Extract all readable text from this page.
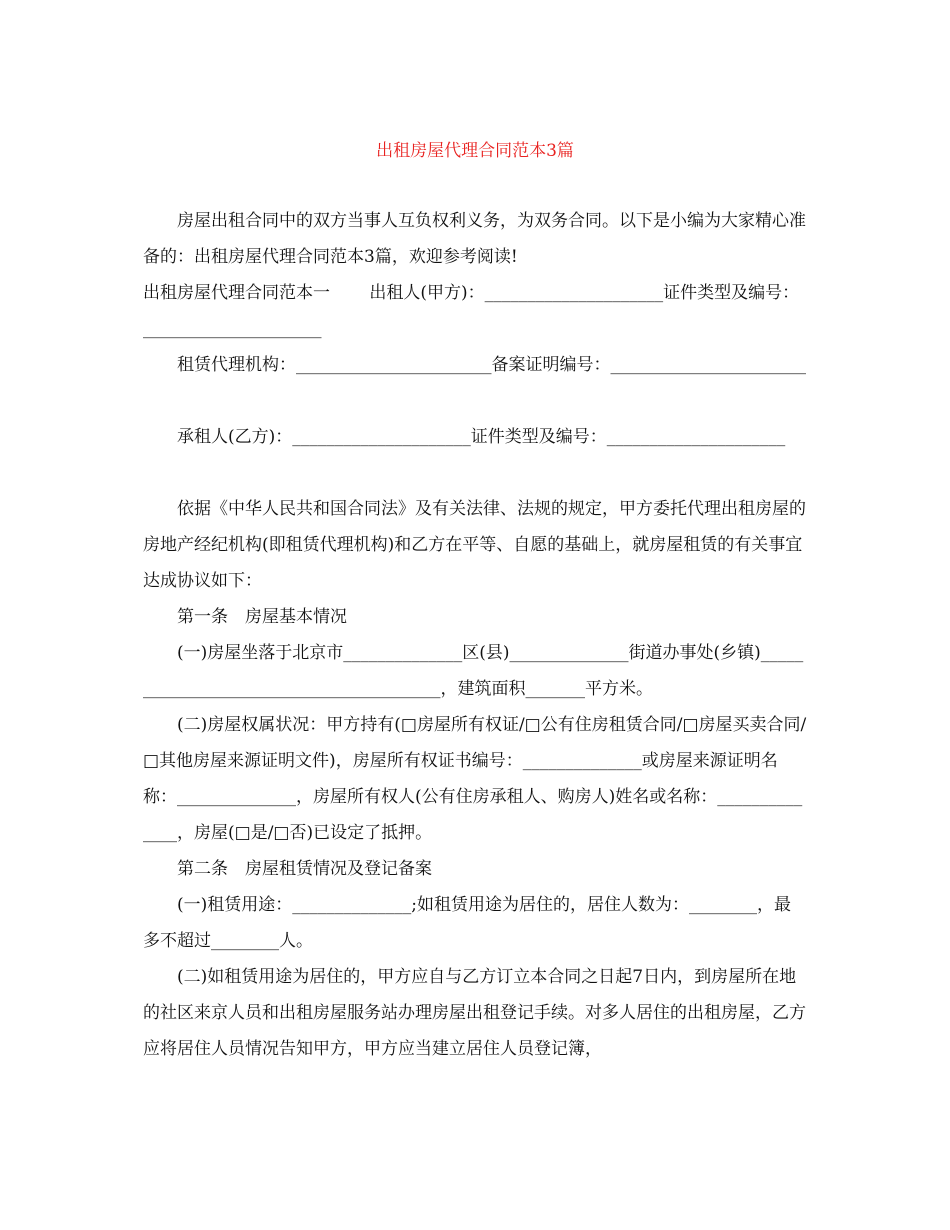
出租房屋代理合同范本3篇

　　房屋出租合同中的双方当事人互负权利义务，为双务合同。以下是小编为大家精心准备的：出租房屋代理合同范本3篇，欢迎参考阅读!

出租房屋代理合同范本一　　 出租人(甲方)：_____________________证件类型及编号：_____________________

　　租赁代理机构：_______________________备案证明编号：_______________________

　　承租人(乙方)：_____________________证件类型及编号：_____________________

　　依据《中华人民共和国合同法》及有关法律、法规的规定，甲方委托代理出租房屋的房地产经纪机构(即租赁代理机构)和乙方在平等、自愿的基础上，就房屋租赁的有关事宜达成协议如下：

　　第一条　房屋基本情况

　　(一)房屋坐落于北京市______________区(县)______________街道办事处(乡镇)________________________________________，建筑面积_______平方米。

　　(二)房屋权属状况：甲方持有(□房屋所有权证/□公有住房租赁合同/□房屋买卖合同/□其他房屋来源证明文件)，房屋所有权证书编号：______________或房屋来源证明名称：______________，房屋所有权人(公有住房承租人、购房人)姓名或名称：______________，房屋(□是/□否)已设定了抵押。

　　第二条　房屋租赁情况及登记备案

　　(一)租赁用途：______________;如租赁用途为居住的，居住人数为：________，最多不超过________人。

　　(二)如租赁用途为居住的，甲方应自与乙方订立本合同之日起7日内，到房屋所在地的社区来京人员和出租房屋服务站办理房屋出租登记手续。对多人居住的出租房屋，乙方应将居住人员情况告知甲方，甲方应当建立居住人员登记簿，
